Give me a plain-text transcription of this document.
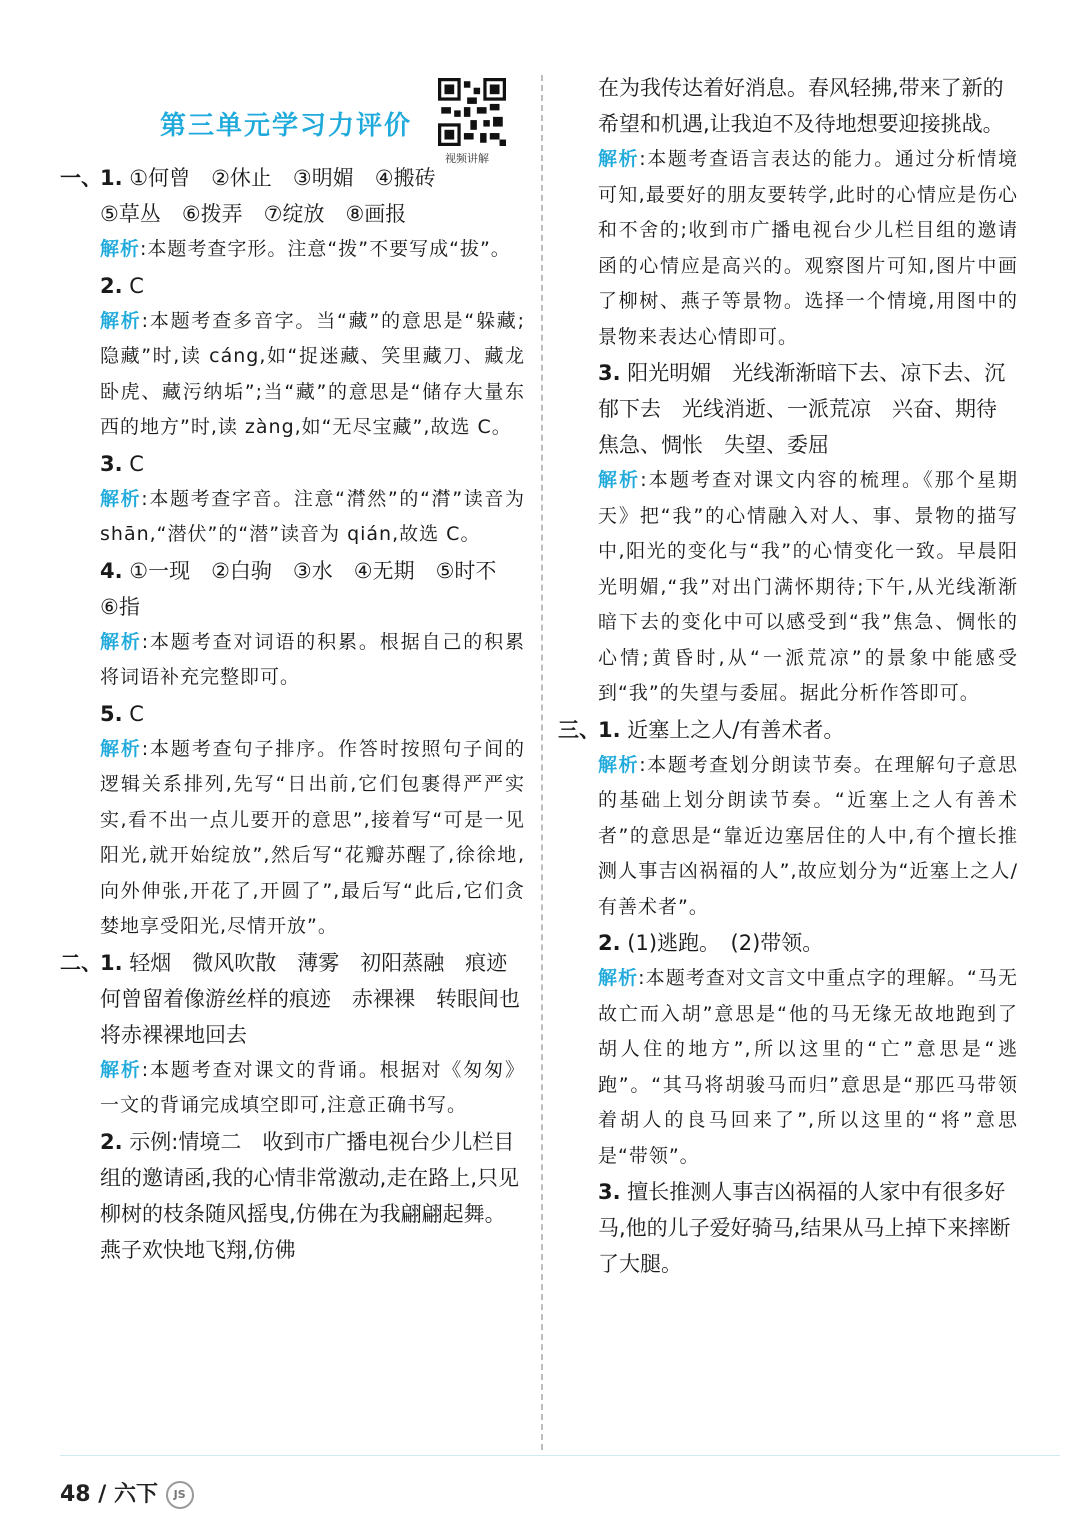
第三单元学习力评价
视频讲解
一、

1. ①何曾　②休止　③明媚　④搬砖

⑤草丛　⑥拨弄　⑦绽放　⑧画报

解析:本题考查字形。注意“拨”不要写成“拔”。

2. C

解析:本题考查多音字。当“藏”的意思是“躲藏;隐藏”时,读 cáng,如“捉迷藏、笑里藏刀、藏龙卧虎、藏污纳垢”;当“藏”的意思是“储存大量东西的地方”时,读 zàng,如“无尽宝藏”,故选 C。

3. C

解析:本题考查字音。注意“潸然”的“潸”读音为 shān,“潜伏”的“潜”读音为 qián,故选 C。

4. ①一现　②白驹　③水　④无期　⑤时不　⑥指

解析:本题考查对词语的积累。根据自己的积累将词语补充完整即可。

5. C

解析:本题考查句子排序。作答时按照句子间的逻辑关系排列,先写“日出前,它们包裹得严严实实,看不出一点儿要开的意思”,接着写“可是一见阳光,就开始绽放”,然后写“花瓣苏醒了,徐徐地,向外伸张,开花了,开圆了”,最后写“此后,它们贪婪地享受阳光,尽情开放”。

二、

1. 轻烟　微风吹散　薄雾　初阳蒸融　痕迹　何曾留着像游丝样的痕迹　赤裸裸　转眼间也将赤裸裸地回去

解析:本题考查对课文的背诵。根据对《匆匆》一文的背诵完成填空即可,注意正确书写。

2. 示例:情境二　收到市广播电视台少儿栏目组的邀请函,我的心情非常激动,走在路上,只见柳树的枝条随风摇曳,仿佛在为我翩翩起舞。燕子欢快地飞翔,仿佛

在为我传达着好消息。春风轻拂,带来了新的希望和机遇,让我迫不及待地想要迎接挑战。

解析:本题考查语言表达的能力。通过分析情境可知,最要好的朋友要转学,此时的心情应是伤心和不舍的;收到市广播电视台少儿栏目组的邀请函的心情应是高兴的。观察图片可知,图片中画了柳树、燕子等景物。选择一个情境,用图中的景物来表达心情即可。

3. 阳光明媚　光线渐渐暗下去、凉下去、沉郁下去　光线消逝、一派荒凉　兴奋、期待　焦急、惆怅　失望、委屈

解析:本题考查对课文内容的梳理。《那个星期天》把“我”的心情融入对人、事、景物的描写中,阳光的变化与“我”的心情变化一致。早晨阳光明媚,“我”对出门满怀期待;下午,从光线渐渐暗下去的变化中可以感受到“我”焦急、惆怅的心情;黄昏时,从“一派荒凉”的景象中能感受到“我”的失望与委屈。据此分析作答即可。

三、

1. 近塞上之人/有善术者。

解析:本题考查划分朗读节奏。在理解句子意思的基础上划分朗读节奏。“近塞上之人有善术者”的意思是“靠近边塞居住的人中,有个擅长推测人事吉凶祸福的人”,故应划分为“近塞上之人/有善术者”。

2. (1)逃跑。　(2)带领。

解析:本题考查对文言文中重点字的理解。“马无故亡而入胡”意思是“他的马无缘无故地跑到了胡人住的地方”,所以这里的“亡”意思是“逃跑”。“其马将胡骏马而归”意思是“那匹马带领着胡人的良马回来了”,所以这里的“将”意思是“带领”。

3. 擅长推测人事吉凶祸福的人家中有很多好马,他的儿子爱好骑马,结果从马上掉下来摔断了大腿。

48 / 六下 JS
